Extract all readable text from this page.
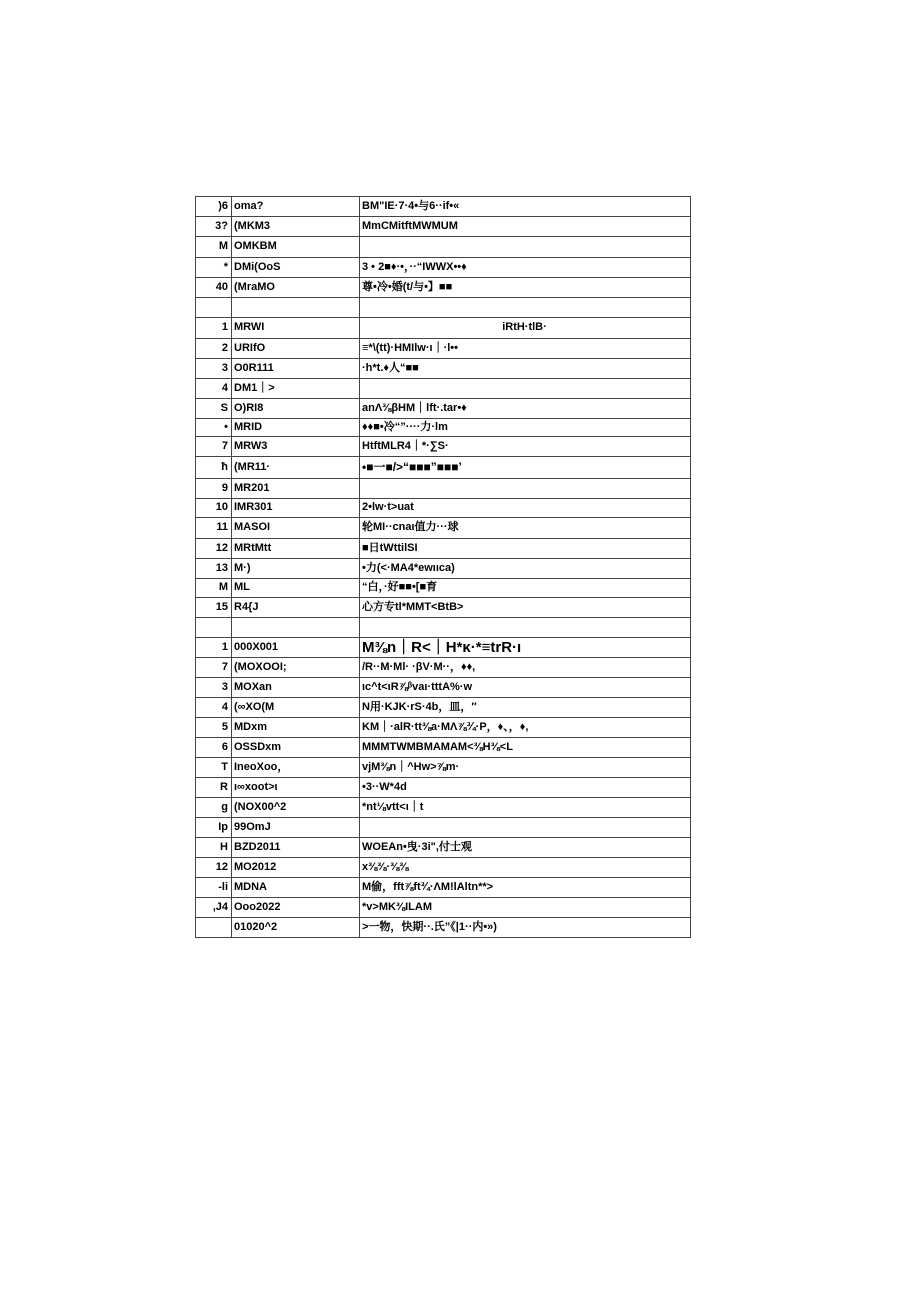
)6	oma?	BM"IE·7·4•与6··if•«
3?	(MKM3	MmCMitftMWMUM
M	OMKBM	
*	DMi(OoS	3 • 2■♦·•，··“IWWX••♦
40	(MraMO	尊•冷•婚(t/与•】■■

1	MRWI	iRtH·tlB·
2	URIfO	≡*\(tt)·HMIlw·ı｜·l••
3	O0R111	·h*t.♦人“■■
4	DM1｜>	
S	O)RI8	anΛ⅜βHM｜lft·.tar•♦
•	MRID	♦♦■•冷“”····力·lm
7	MRW3	HtftMLR4｜*·∑S·
ħ	(MR11·	•■一■/>“■■■”■■■’
9	MR201	
10	IMR301	2•lw·t>uat
11	MASOI	轮MI··cnaι值力···球
12	MRtMtt	■日tWttilSI
13	M·)	•力(<·MA4*ewιιca)
M	ML	“白，·好■■•[■育
15	R4{J	心方专tl*MMT<BtB>

1	000X001	M⅜n｜R<｜H*κ·*≡trR·ı
7	(MOXOOI;	/R··M·Ml· ·βV·M··，♦♦,
3	MOXan	ιc^t<ιR⅞ᵝvaι·tttA%·w
4	(∞XO(M	N用·KJK·rS·4b，皿，″
5	MDxm	KM｜·alR·tt⅜a·MΛ⅞¾·P，♦、，♦,
6	OSSDxm	MMMTWMBMAMAM<⅜H⅜<L
T	IneoXoo，	vjM⅜n｜^Hw>⅞m·
R	ι∞xoot>ι	•3··W*4d
g	(NOX00^2	*nt⅛vtt<ι｜t
Ip	99OmJ	
H	BZD2011	WOEAn•曳·3i",付士观
12	MO2012	x⅜⅜·⅜⅜
-li	MDNA	M偷，fft⅞ft¾·ΛM!lAltn**>
,J4	Ooo2022	*v>MK⅜ILAM
	01020^2	>一物，快期··.氏”《|1··内•»)
